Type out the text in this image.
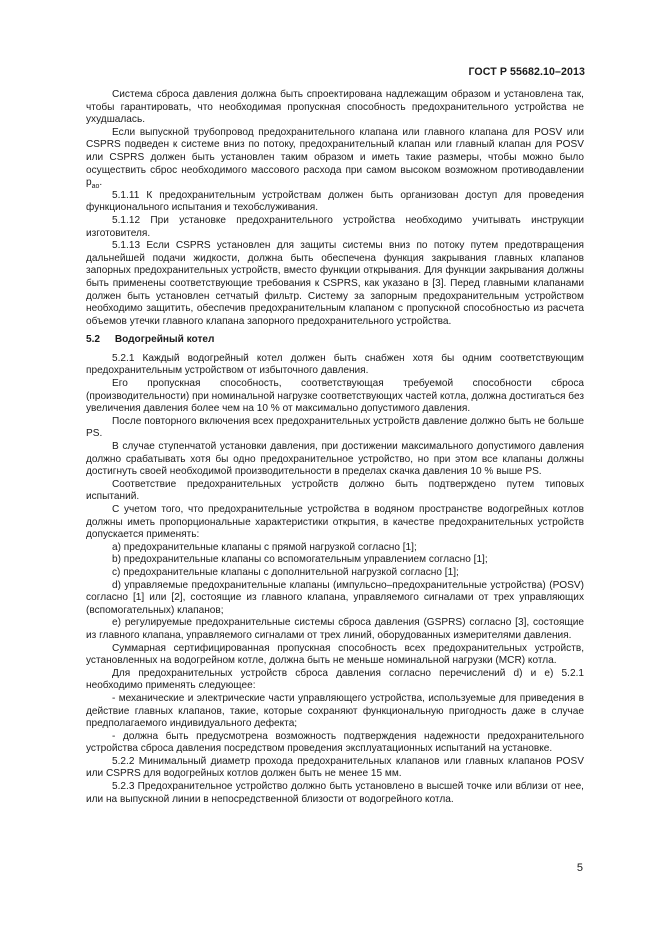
ГОСТ Р 55682.10–2013

Система сброса давления должна быть спроектирована надлежащим образом и установлена так, чтобы гарантировать, что необходимая пропускная способность предохранительного устройства не ухудшалась.

Если выпускной трубопровод предохранительного клапана или главного клапана для POSV или CSPRS подведен к системе вниз по потоку, предохранительный клапан или главный клапан для POSV или CSPRS должен быть установлен таким образом и иметь такие размеры, чтобы можно было осуществить сброс необходимого массового расхода при самом высоком возможном противодавлении $p_{ao}$.

5.1.11 К предохранительным устройствам должен быть организован доступ для проведения функционального испытания и техобслуживания.

5.1.12 При установке предохранительного устройства необходимо учитывать инструкции изготовителя.

5.1.13 Если CSPRS установлен для защиты системы вниз по потоку путем предотвращения дальнейшей подачи жидкости, должна быть обеспечена функция закрывания главных клапанов запорных предохранительных устройств, вместо функции открывания. Для функции закрывания должны быть применены соответствующие требования к CSPRS, как указано в [3]. Перед главными клапанами должен быть установлен сетчатый фильтр. Систему за запорным предохранительным устройством необходимо защитить, обеспечив предохранительным клапаном с пропускной способностью из расчета объемов утечки главного клапана запорного предохранительного устройства.

5.2 Водогрейный котел

5.2.1 Каждый водогрейный котел должен быть снабжен хотя бы одним соответствующим предохранительным устройством от избыточного давления.

Его пропускная способность, соответствующая требуемой способности сброса (производительности) при номинальной нагрузке соответствующих частей котла, должна достигаться без увеличения давления более чем на 10 % от максимально допустимого давления.

После повторного включения всех предохранительных устройств давление должно быть не больше PS.

В случае ступенчатой установки давления, при достижении максимального допустимого давления должно срабатывать хотя бы одно предохранительное устройство, но при этом все клапаны должны достигнуть своей необходимой производительности в пределах скачка давления 10 % выше PS.

Соответствие предохранительных устройств должно быть подтверждено путем типовых испытаний.

С учетом того, что предохранительные устройства в водяном пространстве водогрейных котлов должны иметь пропорциональные характеристики открытия, в качестве предохранительных устройств допускается применять:

a) предохранительные клапаны с прямой нагрузкой согласно [1];

b) предохранительные клапаны со вспомогательным управлением согласно [1];

c) предохранительные клапаны с дополнительной нагрузкой согласно [1];

d) управляемые предохранительные клапаны (импульсно–предохранительные устройства) (POSV) согласно [1] или [2], состоящие из главного клапана, управляемого сигналами от трех управляющих (вспомогательных) клапанов;

e) регулируемые предохранительные системы сброса давления (GSPRS) согласно [3], состоящие из главного клапана, управляемого сигналами от трех линий, оборудованных измерителями давления.

Суммарная сертифицированная пропускная способность всех предохранительных устройств, установленных на водогрейном котле, должна быть не меньше номинальной нагрузки (MCR) котла.

Для предохранительных устройств сброса давления согласно перечислений d) и e) 5.2.1 необходимо применять следующее:

- механические и электрические части управляющего устройства, используемые для приведения в действие главных клапанов, такие, которые сохраняют функциональную пригодность даже в случае предполагаемого индивидуального дефекта;

- должна быть предусмотрена возможность подтверждения надежности предохранительного устройства сброса давления посредством проведения эксплуатационных испытаний на установке.

5.2.2 Минимальный диаметр прохода предохранительных клапанов или главных клапанов POSV или CSPRS для водогрейных котлов должен быть не менее 15 мм.

5.2.3 Предохранительное устройство должно быть установлено в высшей точке или вблизи от нее, или на выпускной линии в непосредственной близости от водогрейного котла.

5
